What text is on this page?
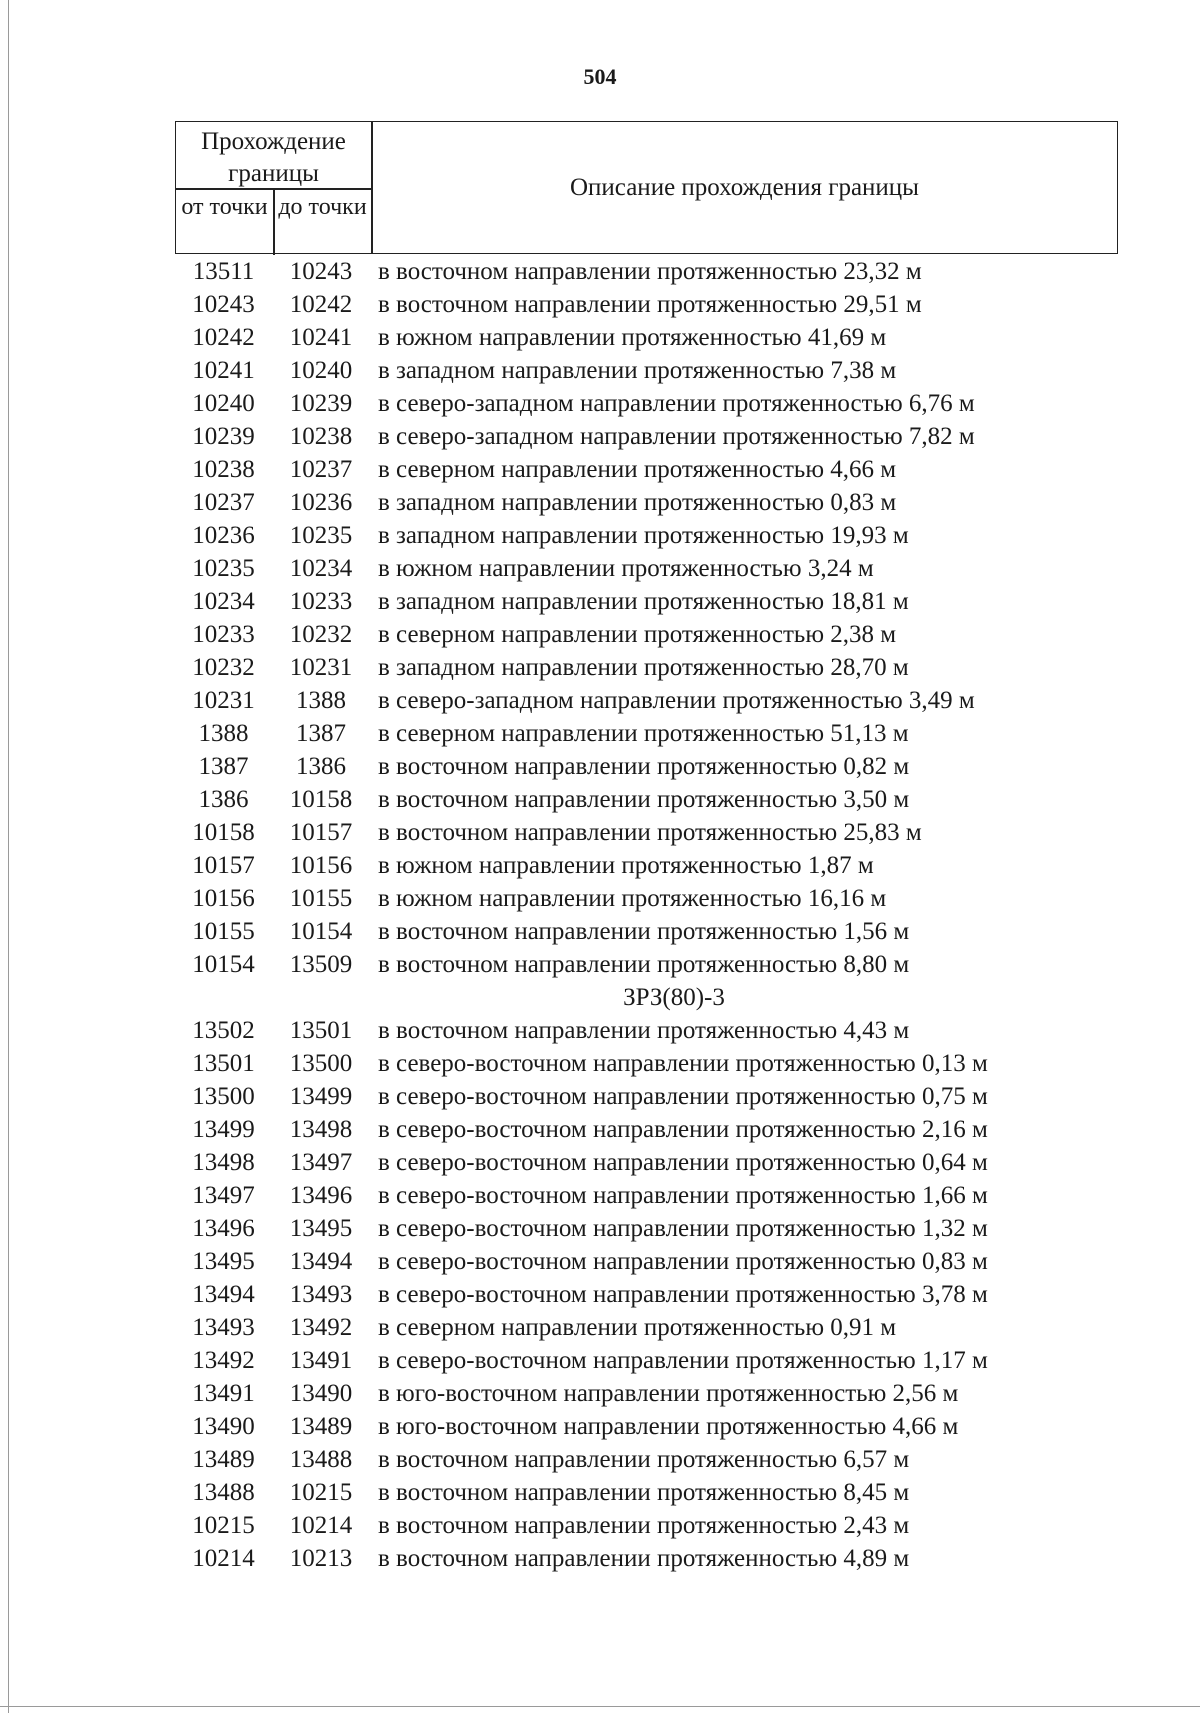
504
Прохождение границы
от точки до точки
Описание прохождения границы
13511	10243	в восточном направлении протяженностью 23,32 м
10243	10242	в восточном направлении протяженностью 29,51 м
10242	10241	в южном направлении протяженностью 41,69 м
10241	10240	в западном направлении протяженностью 7,38 м
10240	10239	в северо-западном направлении протяженностью 6,76 м
10239	10238	в северо-западном направлении протяженностью 7,82 м
10238	10237	в северном направлении протяженностью 4,66 м
10237	10236	в западном направлении протяженностью 0,83 м
10236	10235	в западном направлении протяженностью 19,93 м
10235	10234	в южном направлении протяженностью 3,24 м
10234	10233	в западном направлении протяженностью 18,81 м
10233	10232	в северном направлении протяженностью 2,38 м
10232	10231	в западном направлении протяженностью 28,70 м
10231	1388	в северо-западном направлении протяженностью 3,49 м
1388	1387	в северном направлении протяженностью 51,13 м
1387	1386	в восточном направлении протяженностью 0,82 м
1386	10158	в восточном направлении протяженностью 3,50 м
10158	10157	в восточном направлении протяженностью 25,83 м
10157	10156	в южном направлении протяженностью 1,87 м
10156	10155	в южном направлении протяженностью 16,16 м
10155	10154	в восточном направлении протяженностью 1,56 м
10154	13509	в восточном направлении протяженностью 8,80 м
ЗРЗ(80)-3
13502	13501	в восточном направлении протяженностью 4,43 м
13501	13500	в северо-восточном направлении протяженностью 0,13 м
13500	13499	в северо-восточном направлении протяженностью 0,75 м
13499	13498	в северо-восточном направлении протяженностью 2,16 м
13498	13497	в северо-восточном направлении протяженностью 0,64 м
13497	13496	в северо-восточном направлении протяженностью 1,66 м
13496	13495	в северо-восточном направлении протяженностью 1,32 м
13495	13494	в северо-восточном направлении протяженностью 0,83 м
13494	13493	в северо-восточном направлении протяженностью 3,78 м
13493	13492	в северном направлении протяженностью 0,91 м
13492	13491	в северо-восточном направлении протяженностью 1,17 м
13491	13490	в юго-восточном направлении протяженностью 2,56 м
13490	13489	в юго-восточном направлении протяженностью 4,66 м
13489	13488	в восточном направлении протяженностью 6,57 м
13488	10215	в восточном направлении протяженностью 8,45 м
10215	10214	в восточном направлении протяженностью 2,43 м
10214	10213	в восточном направлении протяженностью 4,89 м
